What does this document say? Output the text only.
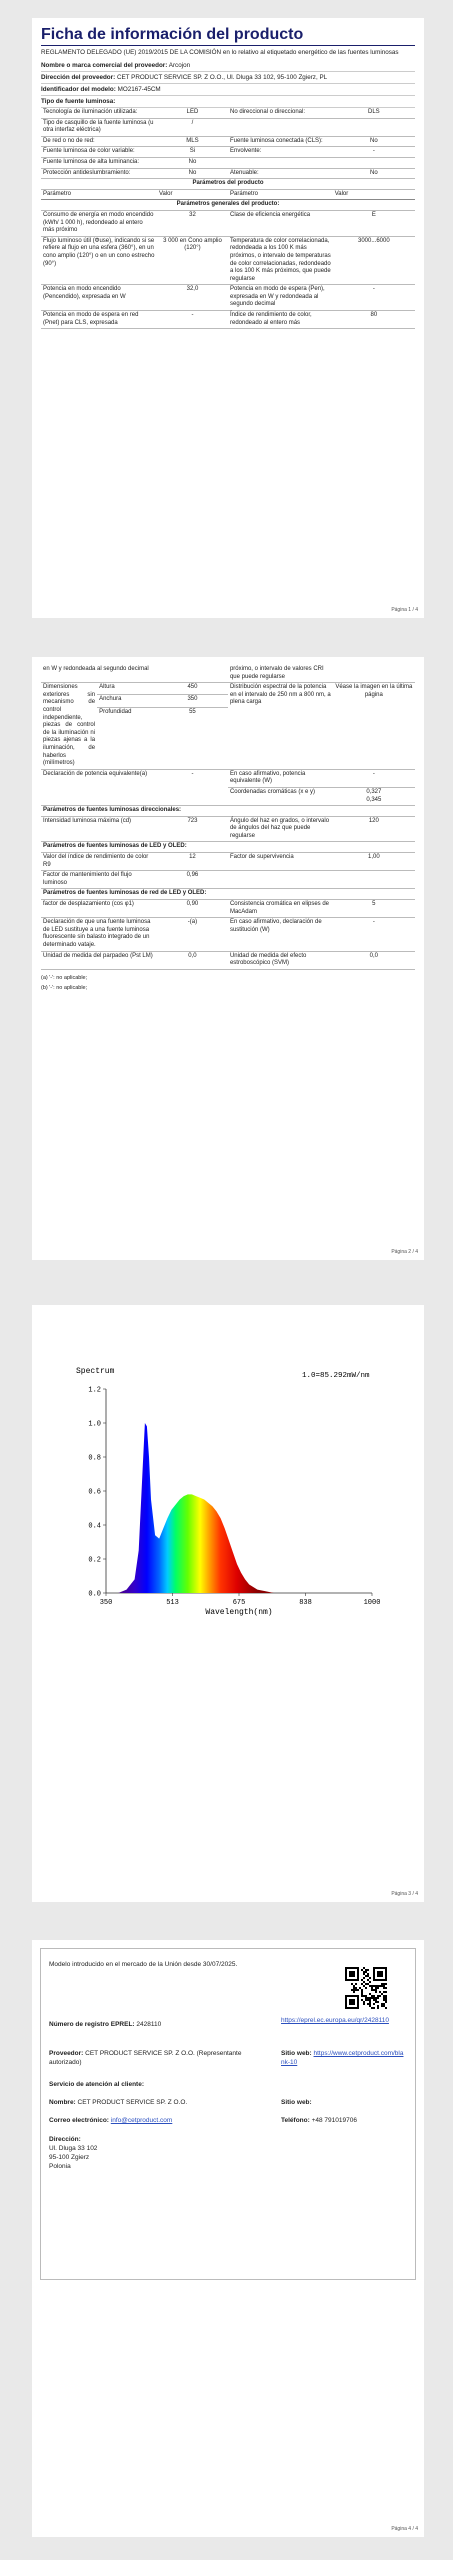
Ficha de información del producto
REGLAMENTO DELEGADO (UE) 2019/2015 DE LA COMISIÓN en lo relativo al etiquetado energético de las fuentes luminosas
Nombre o marca comercial del proveedor: Arcojon
Dirección del proveedor: CET PRODUCT SERVICE SP. Z O.O., Ul. Dluga 33 102, 95-100 Zgierz, PL
Identificador del modelo: MO2167-45CM
Tipo de fuente luminosa:
Tecnología de iluminación utilizada:	LED	No direccional o direccional:	DLS
Tipo de casquillo de la fuente luminosa (u otra interfaz eléctrica)	/		
De red o no de red:	MLS	Fuente luminosa conectada (CLS):	No
Fuente luminosa de color variable:	Si	Envolvente:	-
Fuente luminosa de alta luminancia:	No		
Protección antideslumbramiento:	No	Atenuable:	No
Parámetros del producto			
Parámetro	Valor	Parámetro	Valor
Parámetros generales del producto:			
Consumo de energía en modo encendido (kWh/ 1 000 h), redondeado al entero más próximo	32	Clase de eficiencia energética	E
Flujo luminoso útil (Φuse), indicando si se refiere al flujo en una esfera (360°), en un cono amplio (120°) o en un cono estrecho (90°)	3 000 en Cono amplio (120°)	Temperatura de color correlacionada, redondeada a los 100 K más próximos, o intervalo de temperaturas de color correlacionadas, redondeado a los 100 K más próximos, que puede regularse	3000...6000
Potencia en modo encendido (Pencendido), expresada en W	32,0	Potencia en modo de espera (Pen), expresada en W y redondeada al segundo decimal	-
Potencia en modo de espera en red (Pnet) para CLS, expresada	-	Índice de rendimiento de color, redondeado al entero más	80
Página 1 / 4
en W y redondeada al segundo decimal			próximo, o intervalo de valores CRI que puede regularse	
Dimensiones exteriores sin mecanismo de control independiente, piezas de control de la iluminación ni piezas ajenas a la iluminación, de haberlos (milímetros)	Altura	450	Distribución espectral de la potencia en el intervalo de 250 nm a 800 nm, a plena carga	Véase la imagen en la última página
	Anchura	350		
	Profundidad	55		
Declaración de potencia equivalente(a)		-	En caso afirmativo, potencia equivalente (W)	-
			Coordenadas cromáticas (x e y)	0,327
0,345
Parámetros de fuentes luminosas direccionales:				
Intensidad luminosa máxima (cd)		723	Ángulo del haz en grados, o intervalo de ángulos del haz que puede regularse	120
Parámetros de fuentes luminosas de LED y OLED:				
Valor del índice de rendimiento de color R9		12	Factor de supervivencia	1,00
Factor de mantenimiento del flujo luminoso		0,96		
Parámetros de fuentes luminosas de red de LED y OLED:				
factor de desplazamiento (cos φ1)		0,90	Consistencia cromática en elipses de MacAdam	5
Declaración de que una fuente luminosa de LED sustituye a una fuente luminosa fluorescente sin balasto integrado de un determinado vataje.		-(a)	En caso afirmativo, declaración de sustitución (W)	-
Unidad de medida del parpadeo (Pst LM)		0,0	Unidad de medida del efecto estroboscópico (SVM)	0,0
(a) '-': no aplicable;
(b) '-': no aplicable;
Página 2 / 4
Spectrum	1.0=85.292mW/nm
350	513	675	838	1000
0.0
0.2
0.4
0.6
0.8
1.0
1.2
Wavelength(nm)
Página 3 / 4
Modelo introducido en el mercado de la Unión desde 30/07/2025.
Número de registro EPREL: 2428110
https://eprel.ec.europa.eu/qr/2428110
Proveedor: CET PRODUCT SERVICE SP. Z O.O. (Representante autorizado)
Sitio web: https://www.cetproduct.com/blank-10
Servicio de atención al cliente:
Nombre: CET PRODUCT SERVICE SP. Z O.O.	Sitio web:
Correo electrónico: info@cetproduct.com	Teléfono: +48 791019706
Dirección:
Ul. Dluga 33 102
95-100 Zgierz
Polonia
Página 4 / 4
